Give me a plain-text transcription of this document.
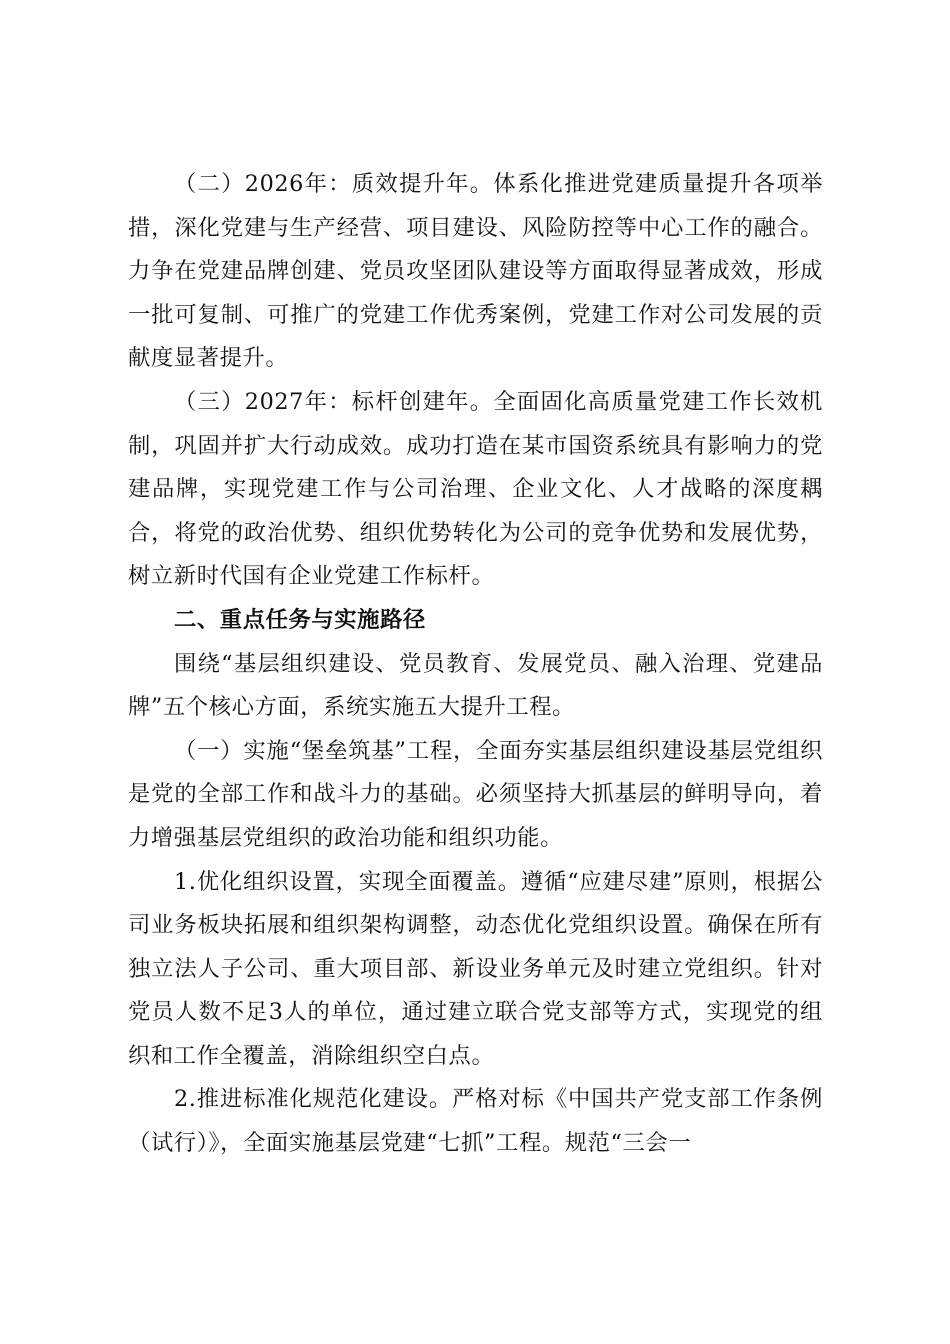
（二）2026年：质效提升年。体系化推进党建质量提升各项举措，深化党建与生产经营、项目建设、风险防控等中心工作的融合。力争在党建品牌创建、党员攻坚团队建设等方面取得显著成效，形成一批可复制、可推广的党建工作优秀案例，党建工作对公司发展的贡献度显著提升。

（三）2027年：标杆创建年。全面固化高质量党建工作长效机制，巩固并扩大行动成效。成功打造在某市国资系统具有影响力的党建品牌，实现党建工作与公司治理、企业文化、人才战略的深度耦合，将党的政治优势、组织优势转化为公司的竞争优势和发展优势，树立新时代国有企业党建工作标杆。

二、重点任务与实施路径

围绕“基层组织建设、党员教育、发展党员、融入治理、党建品牌”五个核心方面，系统实施五大提升工程。

（一）实施“堡垒筑基”工程，全面夯实基层组织建设基层党组织是党的全部工作和战斗力的基础。必须坚持大抓基层的鲜明导向，着力增强基层党组织的政治功能和组织功能。

1.优化组织设置，实现全面覆盖。遵循“应建尽建”原则，根据公司业务板块拓展和组织架构调整，动态优化党组织设置。确保在所有独立法人子公司、重大项目部、新设业务单元及时建立党组织。针对党员人数不足3人的单位，通过建立联合党支部等方式，实现党的组织和工作全覆盖，消除组织空白点。

2.推进标准化规范化建设。严格对标《中国共产党支部工作条例（试行）》，全面实施基层党建“七抓”工程。规范“三会一
